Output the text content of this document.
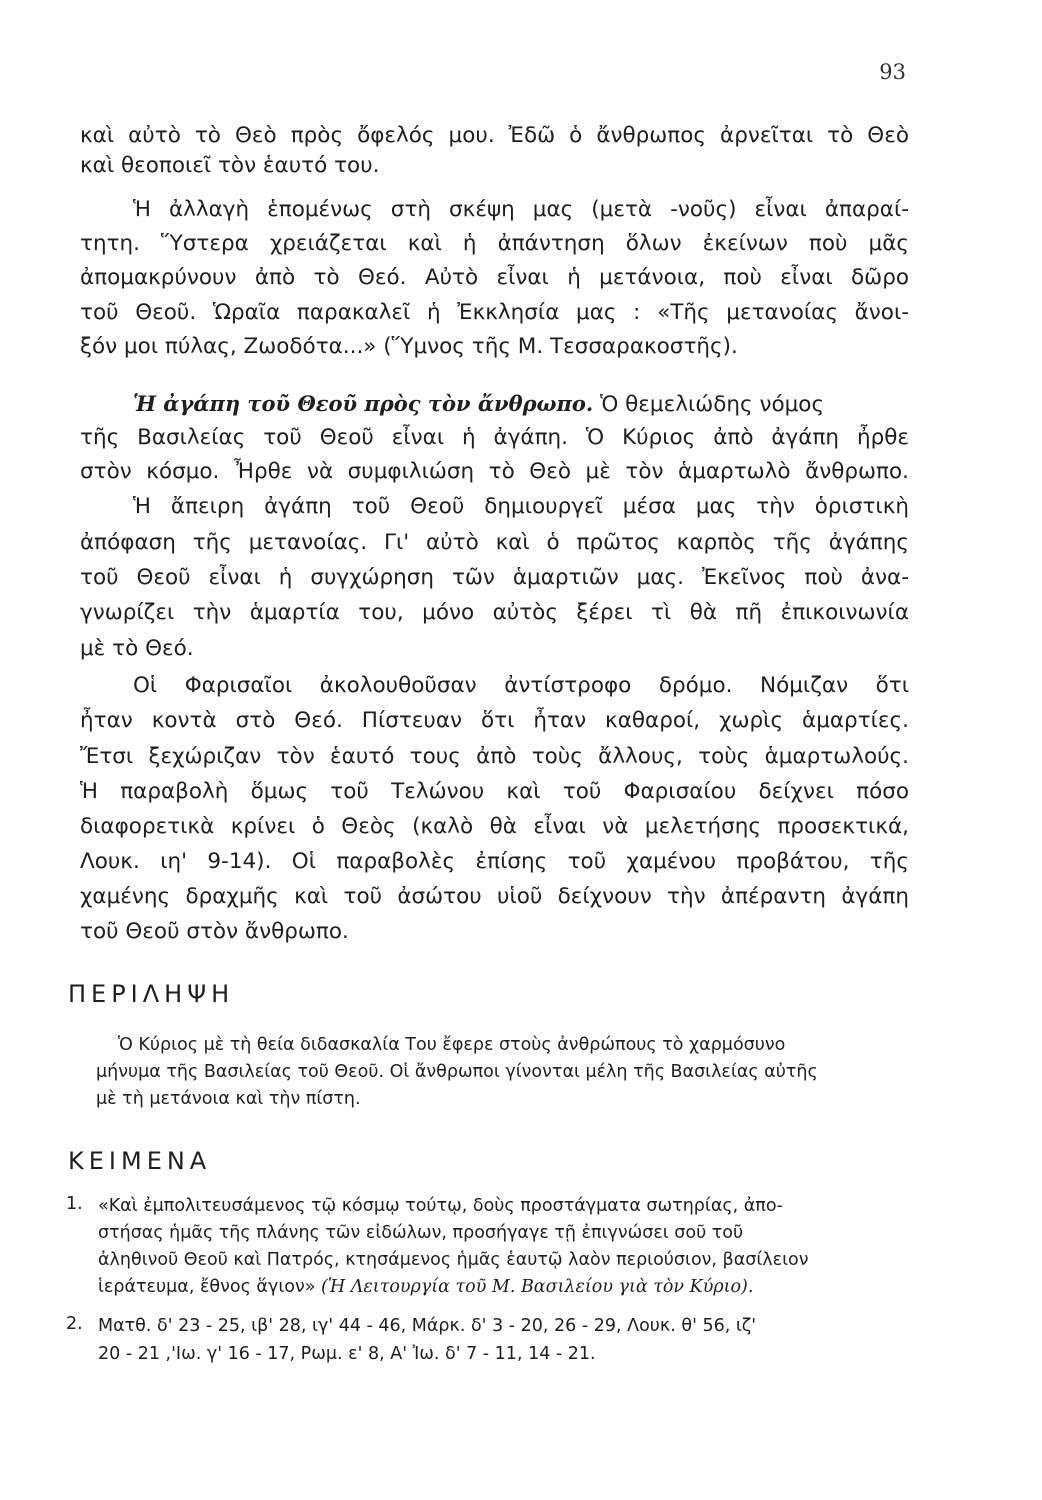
93
καὶ αὐτὸ τὸ Θεὸ πρὸς ὄφελός μου. Ἐδῶ ὁ ἄνθρωπος ἀρνεῖται τὸ Θεὸ
καὶ θεοποιεῖ τὸν ἑαυτό του.
Ἡ ἀλλαγὴ ἑπομένως στὴ σκέψη μας (μετὰ -νοῦς) εἶναι ἀπαραί-
τητη. Ὕστερα χρειάζεται καὶ ἡ ἀπάντηση ὅλων ἐκείνων ποὺ μᾶς
ἀπομακρύνουν ἀπὸ τὸ Θεό. Αὐτὸ εἶναι ἡ μετάνοια, ποὺ εἶναι δῶρο
τοῦ Θεοῦ. Ὡραῖα παρακαλεῖ ἡ Ἐκκλησία μας : «Τῆς μετανοίας ἄνοι-
ξόν μοι πύλας, Ζωοδότα...» (Ὕμνος τῆς Μ. Τεσσαρακοστῆς).
Ἡ ἀγάπη τοῦ Θεοῦ πρὸς τὸν ἄνθρωπο. Ὁ θεμελιώδης νόμος
τῆς Βασιλείας τοῦ Θεοῦ εἶναι ἡ ἀγάπη. Ὁ Κύριος ἀπὸ ἀγάπη ἦρθε
στὸν κόσμο. Ἦρθε νὰ συμφιλιώση τὸ Θεὸ μὲ τὸν ἁμαρτωλὸ ἄνθρωπο.
Ἡ ἄπειρη ἀγάπη τοῦ Θεοῦ δημιουργεῖ μέσα μας τὴν ὁριστικὴ
ἀπόφαση τῆς μετανοίας. Γι' αὐτὸ καὶ ὁ πρῶτος καρπὸς τῆς ἀγάπης
τοῦ Θεοῦ εἶναι ἡ συγχώρηση τῶν ἁμαρτιῶν μας. Ἐκεῖνος ποὺ ἀνα-
γνωρίζει τὴν ἁμαρτία του, μόνο αὐτὸς ξέρει τὶ θὰ πῆ ἐπικοινωνία
μὲ τὸ Θεό.
Οἱ Φαρισαῖοι ἀκολουθοῦσαν ἀντίστροφο δρόμο. Νόμιζαν ὅτι
ἦταν κοντὰ στὸ Θεό. Πίστευαν ὅτι ἦταν καθαροί, χωρὶς ἁμαρτίες.
Ἔτσι ξεχώριζαν τὸν ἑαυτό τους ἀπὸ τοὺς ἄλλους, τοὺς ἁμαρτωλούς.
Ἡ παραβολὴ ὅμως τοῦ Τελώνου καὶ τοῦ Φαρισαίου δείχνει πόσο
διαφορετικὰ κρίνει ὁ Θεὸς (καλὸ θὰ εἶναι νὰ μελετήσης προσεκτικά,
Λουκ. ιη' 9-14). Οἱ παραβολὲς ἐπίσης τοῦ χαμένου προβάτου, τῆς
χαμένης δραχμῆς καὶ τοῦ ἀσώτου υἱοῦ δείχνουν τὴν ἀπέραντη ἀγάπη
τοῦ Θεοῦ στὸν ἄνθρωπο.
ΠΕΡΙΛΗΨΗ
Ὁ Κύριος μὲ τὴ θεία διδασκαλία Του ἔφερε στοὺς ἀνθρώπους τὸ χαρμόσυνο
μήνυμα τῆς Βασιλείας τοῦ Θεοῦ. Οἱ ἄνθρωποι γίνονται μέλη τῆς Βασιλείας αὐτῆς
μὲ τὴ μετάνοια καὶ τὴν πίστη.
ΚΕΙΜΕΝΑ
1. «Καὶ ἐμπολιτευσάμενος τῷ κόσμῳ τούτῳ, δοὺς προστάγματα σωτηρίας, ἀπο-
στήσας ἡμᾶς τῆς πλάνης τῶν εἰδώλων, προσήγαγε τῇ ἐπιγνώσει σοῦ τοῦ
ἀληθινοῦ Θεοῦ καὶ Πατρός, κτησάμενος ἡμᾶς ἑαυτῷ λαὸν περιούσιον, βασίλειον
ἱεράτευμα, ἔθνος ἅγιον» (Ἡ Λειτουργία τοῦ Μ. Βασιλείου γιὰ τὸν Κύριο).
2. Ματθ. δ' 23 - 25, ιβ' 28, ιγ' 44 - 46, Μάρκ. δ' 3 - 20, 26 - 29, Λουκ. θ' 56, ιζ'
20 - 21 ,'Ιω. γ' 16 - 17, Ρωμ. ε' 8, Α' Ἰω. δ' 7 - 11, 14 - 21.
